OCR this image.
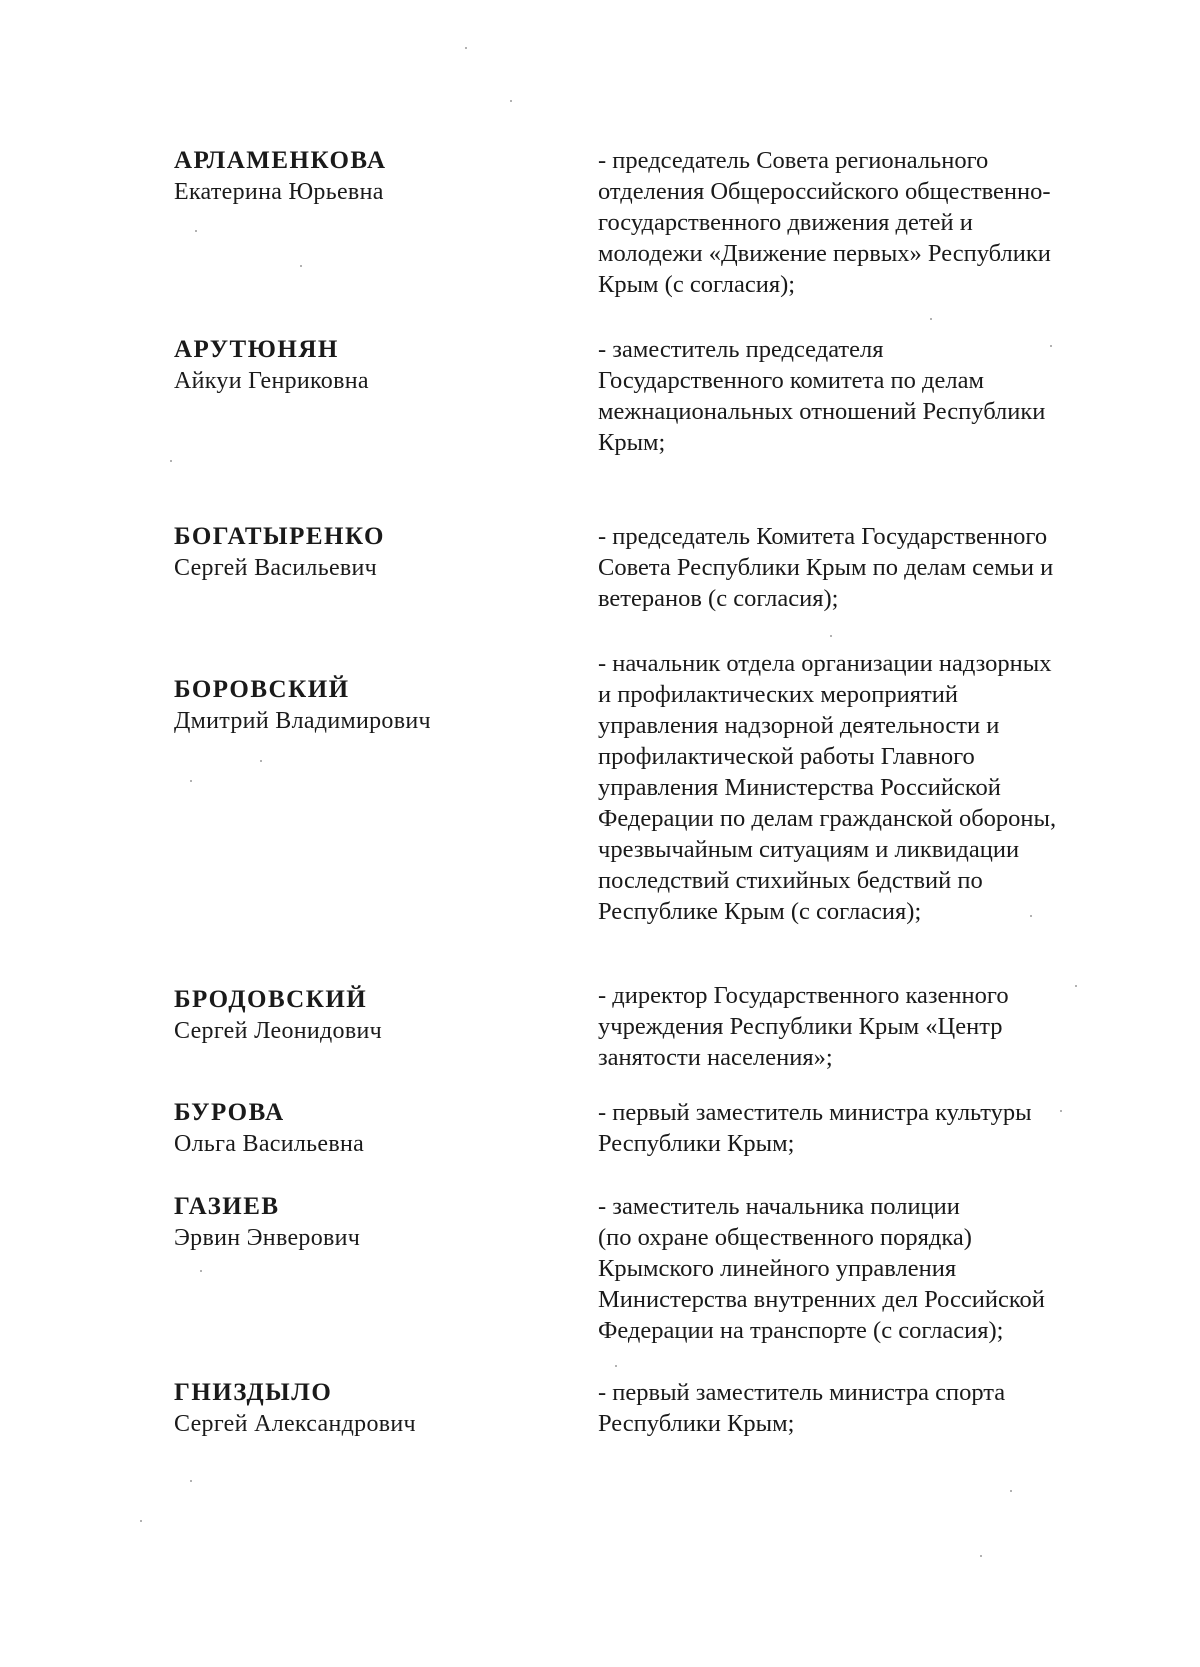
АРЛАМЕНКОВА
Екатерина Юрьевна
- председатель Совета регионального
отделения Общероссийского общественно-
государственного движения детей и
молодежи «Движение первых» Республики
Крым (с согласия);
АРУТЮНЯН
Айкуи Генриковна
- заместитель председателя
Государственного комитета по делам
межнациональных отношений Республики
Крым;
БОГАТЫРЕНКО
Сергей Васильевич
- председатель Комитета Государственного
Совета Республики Крым по делам семьи и
ветеранов (с согласия);
БОРОВСКИЙ
Дмитрий Владимирович
- начальник отдела организации надзорных
и профилактических мероприятий
управления надзорной деятельности и
профилактической работы Главного
управления Министерства Российской
Федерации по делам гражданской обороны,
чрезвычайным ситуациям и ликвидации
последствий стихийных бедствий по
Республике Крым (с согласия);
БРОДОВСКИЙ
Сергей Леонидович
- директор Государственного казенного
учреждения Республики Крым «Центр
занятости населения»;
БУРОВА
Ольга Васильевна
- первый заместитель министра культуры
Республики Крым;
ГАЗИЕВ
Эрвин Энверович
- заместитель начальника полиции
(по охране общественного порядка)
Крымского линейного управления
Министерства внутренних дел Российской
Федерации на транспорте (с согласия);
ГНИЗДЫЛО
Сергей Александрович
- первый заместитель министра спорта
Республики Крым;
